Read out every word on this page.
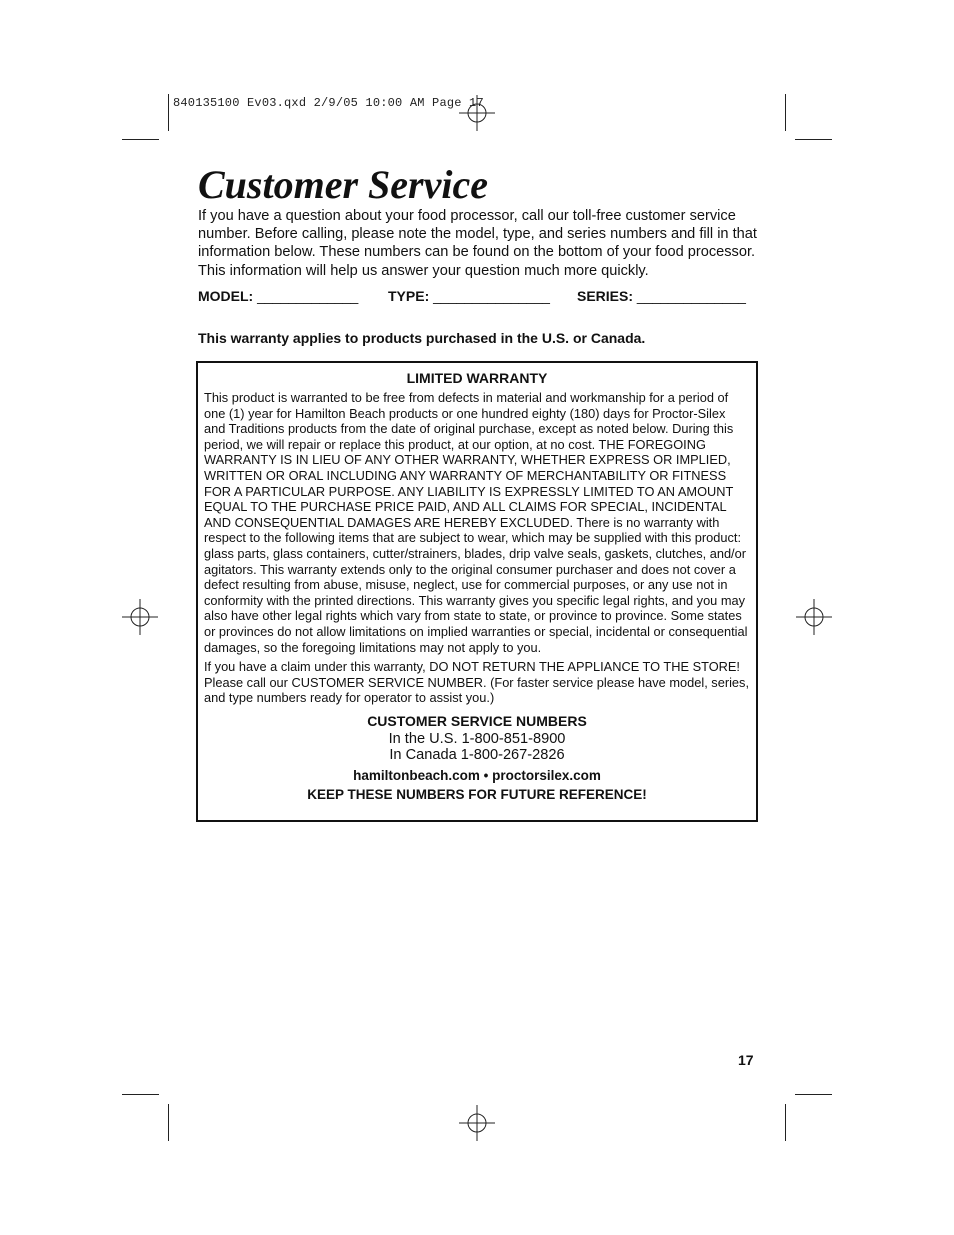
840135100 Ev03.qxd 2/9/05 10:00 AM Page 17
Customer Service

If you have a question about your food processor, call our toll-free customer service number. Before calling, please note the model, type, and series numbers and fill in that information below. These numbers can be found on the bottom of your food processor. This information will help us answer your question much more quickly.

MODEL: _____________ TYPE: _______________ SERIES: ______________

This warranty applies to products purchased in the U.S. or Canada.

LIMITED WARRANTY

This product is warranted to be free from defects in material and workmanship for a period of one (1) year for Hamilton Beach products or one hundred eighty (180) days for Proctor-Silex and Traditions products from the date of original purchase, except as noted below. During this period, we will repair or replace this product, at our option, at no cost. THE FOREGOING WARRANTY IS IN LIEU OF ANY OTHER WARRANTY, WHETHER EXPRESS OR IMPLIED, WRITTEN OR ORAL INCLUDING ANY WARRANTY OF MERCHANTABILITY OR FITNESS FOR A PARTICULAR PURPOSE. ANY LIABILITY IS EXPRESSLY LIMITED TO AN AMOUNT EQUAL TO THE PURCHASE PRICE PAID, AND ALL CLAIMS FOR SPECIAL, INCIDENTAL AND CONSEQUENTIAL DAMAGES ARE HEREBY EXCLUDED. There is no warranty with respect to the following items that are subject to wear, which may be supplied with this product: glass parts, glass containers, cutter/strainers, blades, drip valve seals, gaskets, clutches, and/or agitators. This warranty extends only to the original consumer purchaser and does not cover a defect resulting from abuse, misuse, neglect, use for commercial purposes, or any use not in conformity with the printed directions. This warranty gives you specific legal rights, and you may also have other legal rights which vary from state to state, or province to province. Some states or provinces do not allow limitations on implied warranties or special, incidental or consequential damages, so the foregoing limitations may not apply to you.

If you have a claim under this warranty, DO NOT RETURN THE APPLIANCE TO THE STORE! Please call our CUSTOMER SERVICE NUMBER. (For faster service please have model, series, and type numbers ready for operator to assist you.)

CUSTOMER SERVICE NUMBERS

In the U.S. 1-800-851-8900

In Canada 1-800-267-2826

hamiltonbeach.com • proctorsilex.com

KEEP THESE NUMBERS FOR FUTURE REFERENCE!

17
